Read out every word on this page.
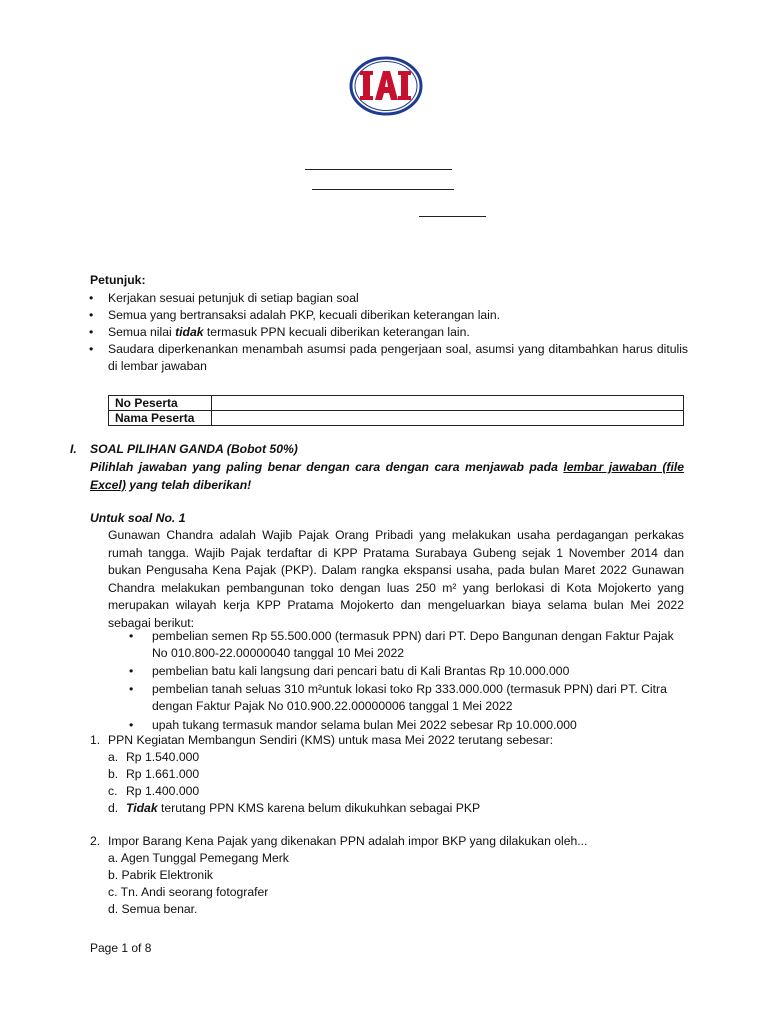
Petunjuk:
• Kerjakan sesuai petunjuk di setiap bagian soal
• Semua yang bertransaksi adalah PKP, kecuali diberikan keterangan lain.
• Semua nilai tidak termasuk PPN kecuali diberikan keterangan lain.
• Saudara diperkenankan menambah asumsi pada pengerjaan soal, asumsi yang ditambahkan harus ditulis di lembar jawaban
No Peserta	
Nama Peserta	
I. SOAL PILIHAN GANDA (Bobot 50%)
Pilihlah jawaban yang paling benar dengan cara dengan cara menjawab pada lembar jawaban (file Excel) yang telah diberikan!
Untuk soal No. 1
Gunawan Chandra adalah Wajib Pajak Orang Pribadi yang melakukan usaha perdagangan perkakas rumah tangga. Wajib Pajak terdaftar di KPP Pratama Surabaya Gubeng sejak 1 November 2014 dan bukan Pengusaha Kena Pajak (PKP). Dalam rangka ekspansi usaha, pada bulan Maret 2022 Gunawan Chandra melakukan pembangunan toko dengan luas 250 m² yang berlokasi di Kota Mojokerto yang merupakan wilayah kerja KPP Pratama Mojokerto dan mengeluarkan biaya selama bulan Mei 2022 sebagai berikut:
• pembelian semen Rp 55.500.000 (termasuk PPN) dari PT. Depo Bangunan dengan Faktur Pajak No 010.800-22.00000040 tanggal 10 Mei 2022
• pembelian batu kali langsung dari pencari batu di Kali Brantas Rp 10.000.000
• pembelian tanah seluas 310 m²untuk lokasi toko Rp 333.000.000 (termasuk PPN) dari PT. Citra dengan Faktur Pajak No 010.900.22.00000006 tanggal 1 Mei 2022
• upah tukang termasuk mandor selama bulan Mei 2022 sebesar Rp 10.000.000
1. PPN Kegiatan Membangun Sendiri (KMS) untuk masa Mei 2022 terutang sebesar:
a. Rp 1.540.000
b. Rp 1.661.000
c. Rp 1.400.000
d. Tidak terutang PPN KMS karena belum dikukuhkan sebagai PKP
2. Impor Barang Kena Pajak yang dikenakan PPN adalah impor BKP yang dilakukan oleh...
a. Agen Tunggal Pemegang Merk
b. Pabrik Elektronik
c. Tn. Andi seorang fotografer
d. Semua benar.
Page 1 of 8
